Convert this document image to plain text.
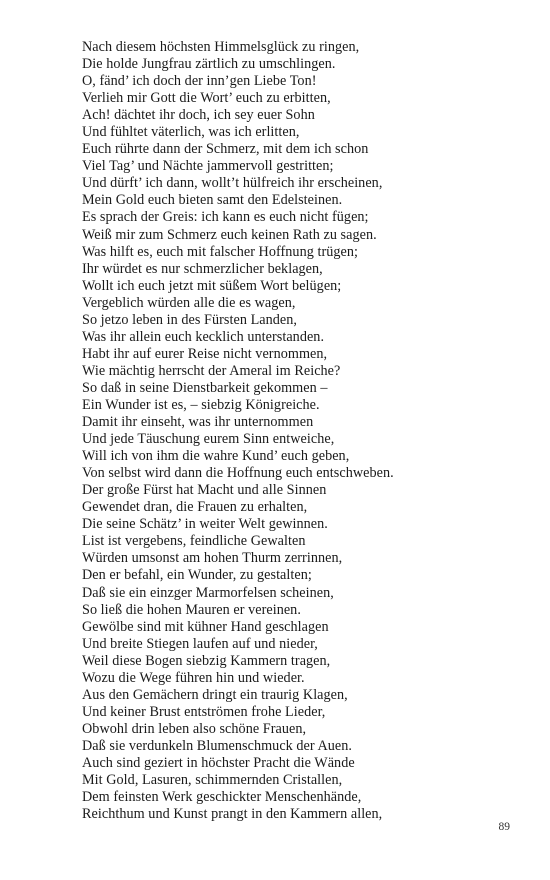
Nach diesem höchsten Himmelsglück zu ringen,
Die holde Jungfrau zärtlich zu umschlingen.
O, fänd’ ich doch der inn’gen Liebe Ton!
Verlieh mir Gott die Wort’ euch zu erbitten,
Ach! dächtet ihr doch, ich sey euer Sohn
Und fühltet väterlich, was ich erlitten,
Euch rührte dann der Schmerz, mit dem ich schon
Viel Tag’ und Nächte jammervoll gestritten;
Und dürft’ ich dann, wollt’t hülfreich ihr erscheinen,
Mein Gold euch bieten samt den Edelsteinen.
Es sprach der Greis: ich kann es euch nicht fügen;
Weiß mir zum Schmerz euch keinen Rath zu sagen.
Was hilft es, euch mit falscher Hoffnung trügen;
Ihr würdet es nur schmerzlicher beklagen,
Wollt ich euch jetzt mit süßem Wort belügen;
Vergeblich würden alle die es wagen,
So jetzo leben in des Fürsten Landen,
Was ihr allein euch kecklich unterstanden.
Habt ihr auf eurer Reise nicht vernommen,
Wie mächtig herrscht der Ameral im Reiche?
So daß in seine Dienstbarkeit gekommen –
Ein Wunder ist es, – siebzig Königreiche.
Damit ihr einseht, was ihr unternommen
Und jede Täuschung eurem Sinn entweiche,
Will ich von ihm die wahre Kund’ euch geben,
Von selbst wird dann die Hoffnung euch entschweben.
Der große Fürst hat Macht und alle Sinnen
Gewendet dran, die Frauen zu erhalten,
Die seine Schätz’ in weiter Welt gewinnen.
List ist vergebens, feindliche Gewalten
Würden umsonst am hohen Thurm zerrinnen,
Den er befahl, ein Wunder, zu gestalten;
Daß sie ein einzger Marmorfelsen scheinen,
So ließ die hohen Mauren er vereinen.
Gewölbe sind mit kühner Hand geschlagen
Und breite Stiegen laufen auf und nieder,
Weil diese Bogen siebzig Kammern tragen,
Wozu die Wege führen hin und wieder.
Aus den Gemächern dringt ein traurig Klagen,
Und keiner Brust entströmen frohe Lieder,
Obwohl drin leben also schöne Frauen,
Daß sie verdunkeln Blumenschmuck der Auen.
Auch sind geziert in höchster Pracht die Wände
Mit Gold, Lasuren, schimmernden Cristallen,
Dem feinsten Werk geschickter Menschenhände,
Reichthum und Kunst prangt in den Kammern allen,
89
